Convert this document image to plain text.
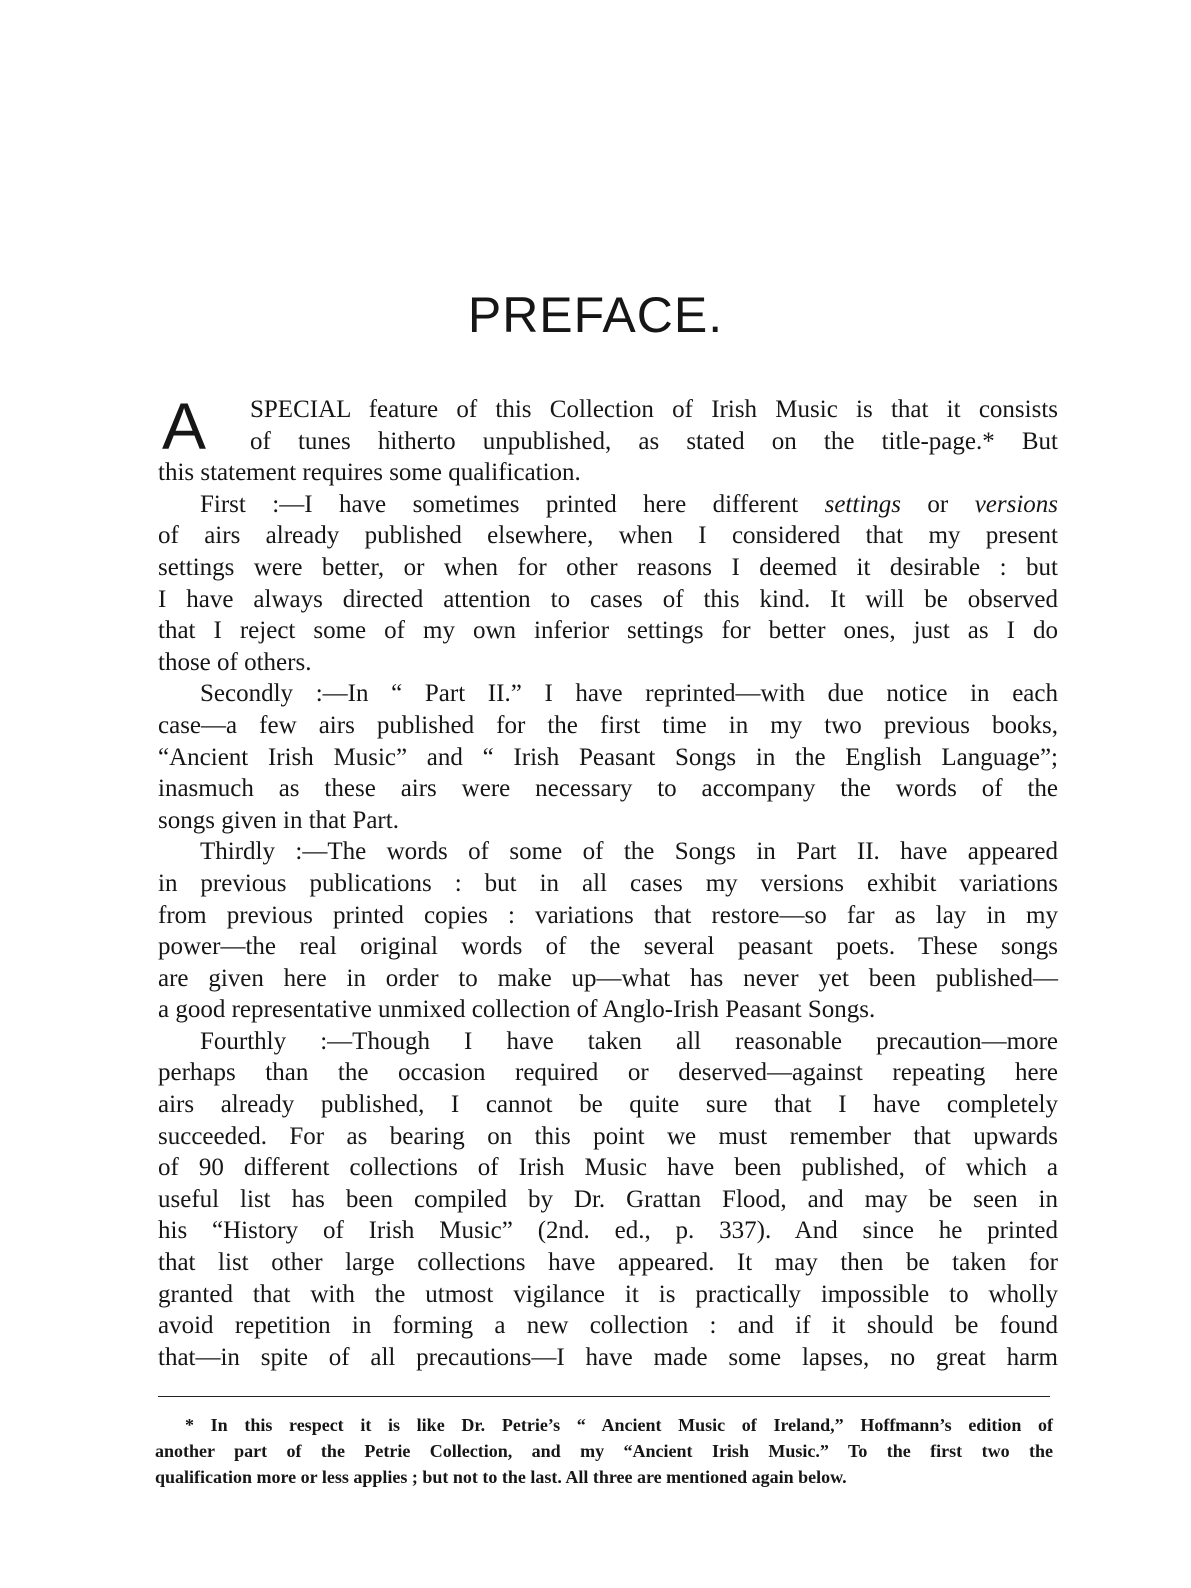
PREFACE.
A	SPECIAL feature of this Collection of Irish Music is that it consists
of tunes hitherto unpublished, as stated on the title-page.* But
this statement requires some qualification.
First :—I have sometimes printed here different settings or versions
of airs already published elsewhere, when I considered that my present
settings were better, or when for other reasons I deemed it desirable : but
I have always directed attention to cases of this kind. It will be observed
that I reject some of my own inferior settings for better ones, just as I do
those of others.
Secondly :—In “ Part II.” I have reprinted—with due notice in each
case—a few airs published for the first time in my two previous books,
“Ancient Irish Music” and “ Irish Peasant Songs in the English Language”;
inasmuch as these airs were necessary to accompany the words of the
songs given in that Part.
Thirdly :—The words of some of the Songs in Part II. have appeared
in previous publications : but in all cases my versions exhibit variations
from previous printed copies : variations that restore—so far as lay in my
power—the real original words of the several peasant poets. These songs
are given here in order to make up—what has never yet been published—
a good representative unmixed collection of Anglo-Irish Peasant Songs.
Fourthly :—Though I have taken all reasonable precaution—more
perhaps than the occasion required or deserved—against repeating here
airs already published, I cannot be quite sure that I have completely
succeeded. For as bearing on this point we must remember that upwards
of 90 different collections of Irish Music have been published, of which a
useful list has been compiled by Dr. Grattan Flood, and may be seen in
his “History of Irish Music” (2nd. ed., p. 337). And since he printed
that list other large collections have appeared. It may then be taken for
granted that with the utmost vigilance it is practically impossible to wholly
avoid repetition in forming a new collection : and if it should be found
that—in spite of all precautions—I have made some lapses, no great harm
* In this respect it is like Dr. Petrie’s “ Ancient Music of Ireland,” Hoffmann’s edition of
another part of the Petrie Collection, and my “Ancient Irish Music.” To the first two the
qualification more or less applies ; but not to the last. All three are mentioned again below.
